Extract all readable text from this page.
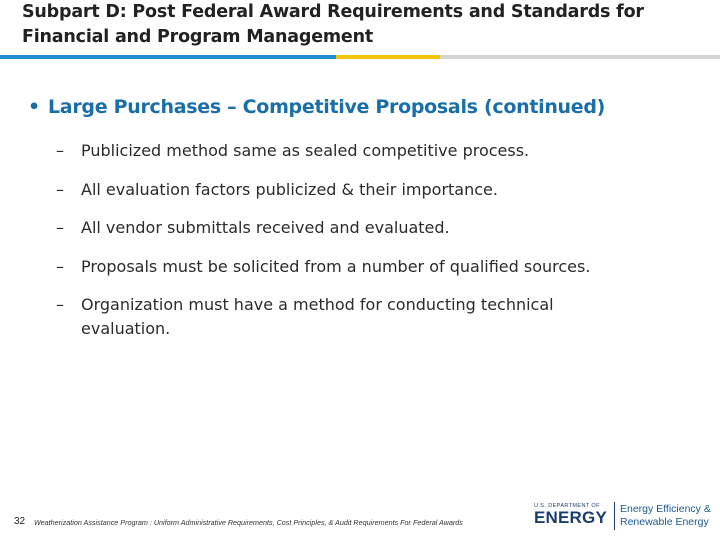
Subpart D: Post Federal Award Requirements and Standards for
Financial and Program Management
• Large Purchases – Competitive Proposals (continued)
– Publicized method same as sealed competitive process.
– All evaluation factors publicized & their importance.
– All vendor submittals received and evaluated.
– Proposals must be solicited from a number of qualified sources.
– Organization must have a method for conducting technical
evaluation.
32 Weatherization Assistance Program : Uniform Administrative Requirements, Cost Principles, & Audit Requirements For Federal Awards
U.S. DEPARTMENT OF
ENERGY	Energy Efficiency &
Renewable Energy
